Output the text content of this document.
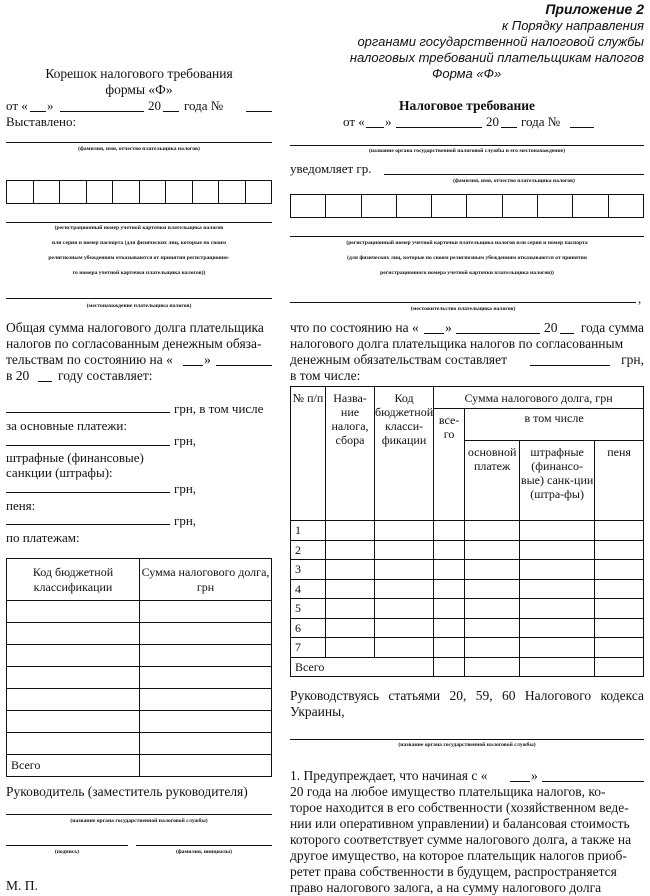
Приложение 2
к Порядку направления
органами государственной налоговой службы
налоговых требований плательщикам налогов
Форма «Ф»
Корешок налогового требования
формы «Ф»
от « »	20 года №
Выставлено:
(фамилия, имя, отчество плательщика налогов)
(регистрационный номер учетной карточки плательщика налогов
или серия и номер паспорта (для физических лиц, которые по своим
религиозным убеждениям отказываются от принятия регистрационно-
го номера учетной карточки плательщика налогов))
(местонахождение плательщика налогов)
Общая сумма налогового долга плательщика
налогов по согласованным денежным обяза-
тельствам по состоянию на « »
в 20 году составляет:
грн, в том числе
за основные платежи:
грн,
штрафные (финансовые)
санкции (штрафы):
грн,
пеня:
грн,
по платежам:
Код бюджетной классификации	Сумма налогового долга, грн

Всего	
Руководитель (заместитель руководителя)
(название органа государственной налоговой службы)
(подпись)	(фамилия, инициалы)
М. П.
Налоговое требование
от « »	20 года №
(название органа государственной налоговой службы и его местонахождение)
уведомляет гр.
(фамилия, имя, отчество плательщика налогов)
(регистрационный номер учетной карточки плательщика налогов или серия и номер паспорта
(для физических лиц, которые по своим религиозным убеждениям отказываются от принятия
регистрационного номера учетной карточки плательщика налогов))
,
(местожительство плательщика налогов)
что по состоянию на « »	20 года сумма
налогового долга плательщика налогов по согласованным
денежным обязательствам составляет	грн,
в том числе:
№ п/п	Назва-ние налога, сбора	Код бюджетной класси-фикации	Сумма налогового долга, грн			
			все-го	в том числе		
				основной платеж	штрафные (финансо-вые) санк-ции (штра-фы)	пеня
1						
2						
3						
4						
5						
6						
7						
Всего						
Руководствуясь статьями 20, 59, 60 Налогового кодекса Украины,
(название органа государственной налоговой службы)
1. Предупреждает, что начиная с «	»
20 года на любое имущество плательщика налогов, ко-
торое находится в его собственности (хозяйственном веде-
нии или оперативном управлении) и балансовая стоимость
которого соответствует сумме налогового долга, а также на
другое имущество, на которое плательщик налогов приоб-
ретет права собственности в будущем, распространяется
право налогового залога, а на сумму налогового долга
